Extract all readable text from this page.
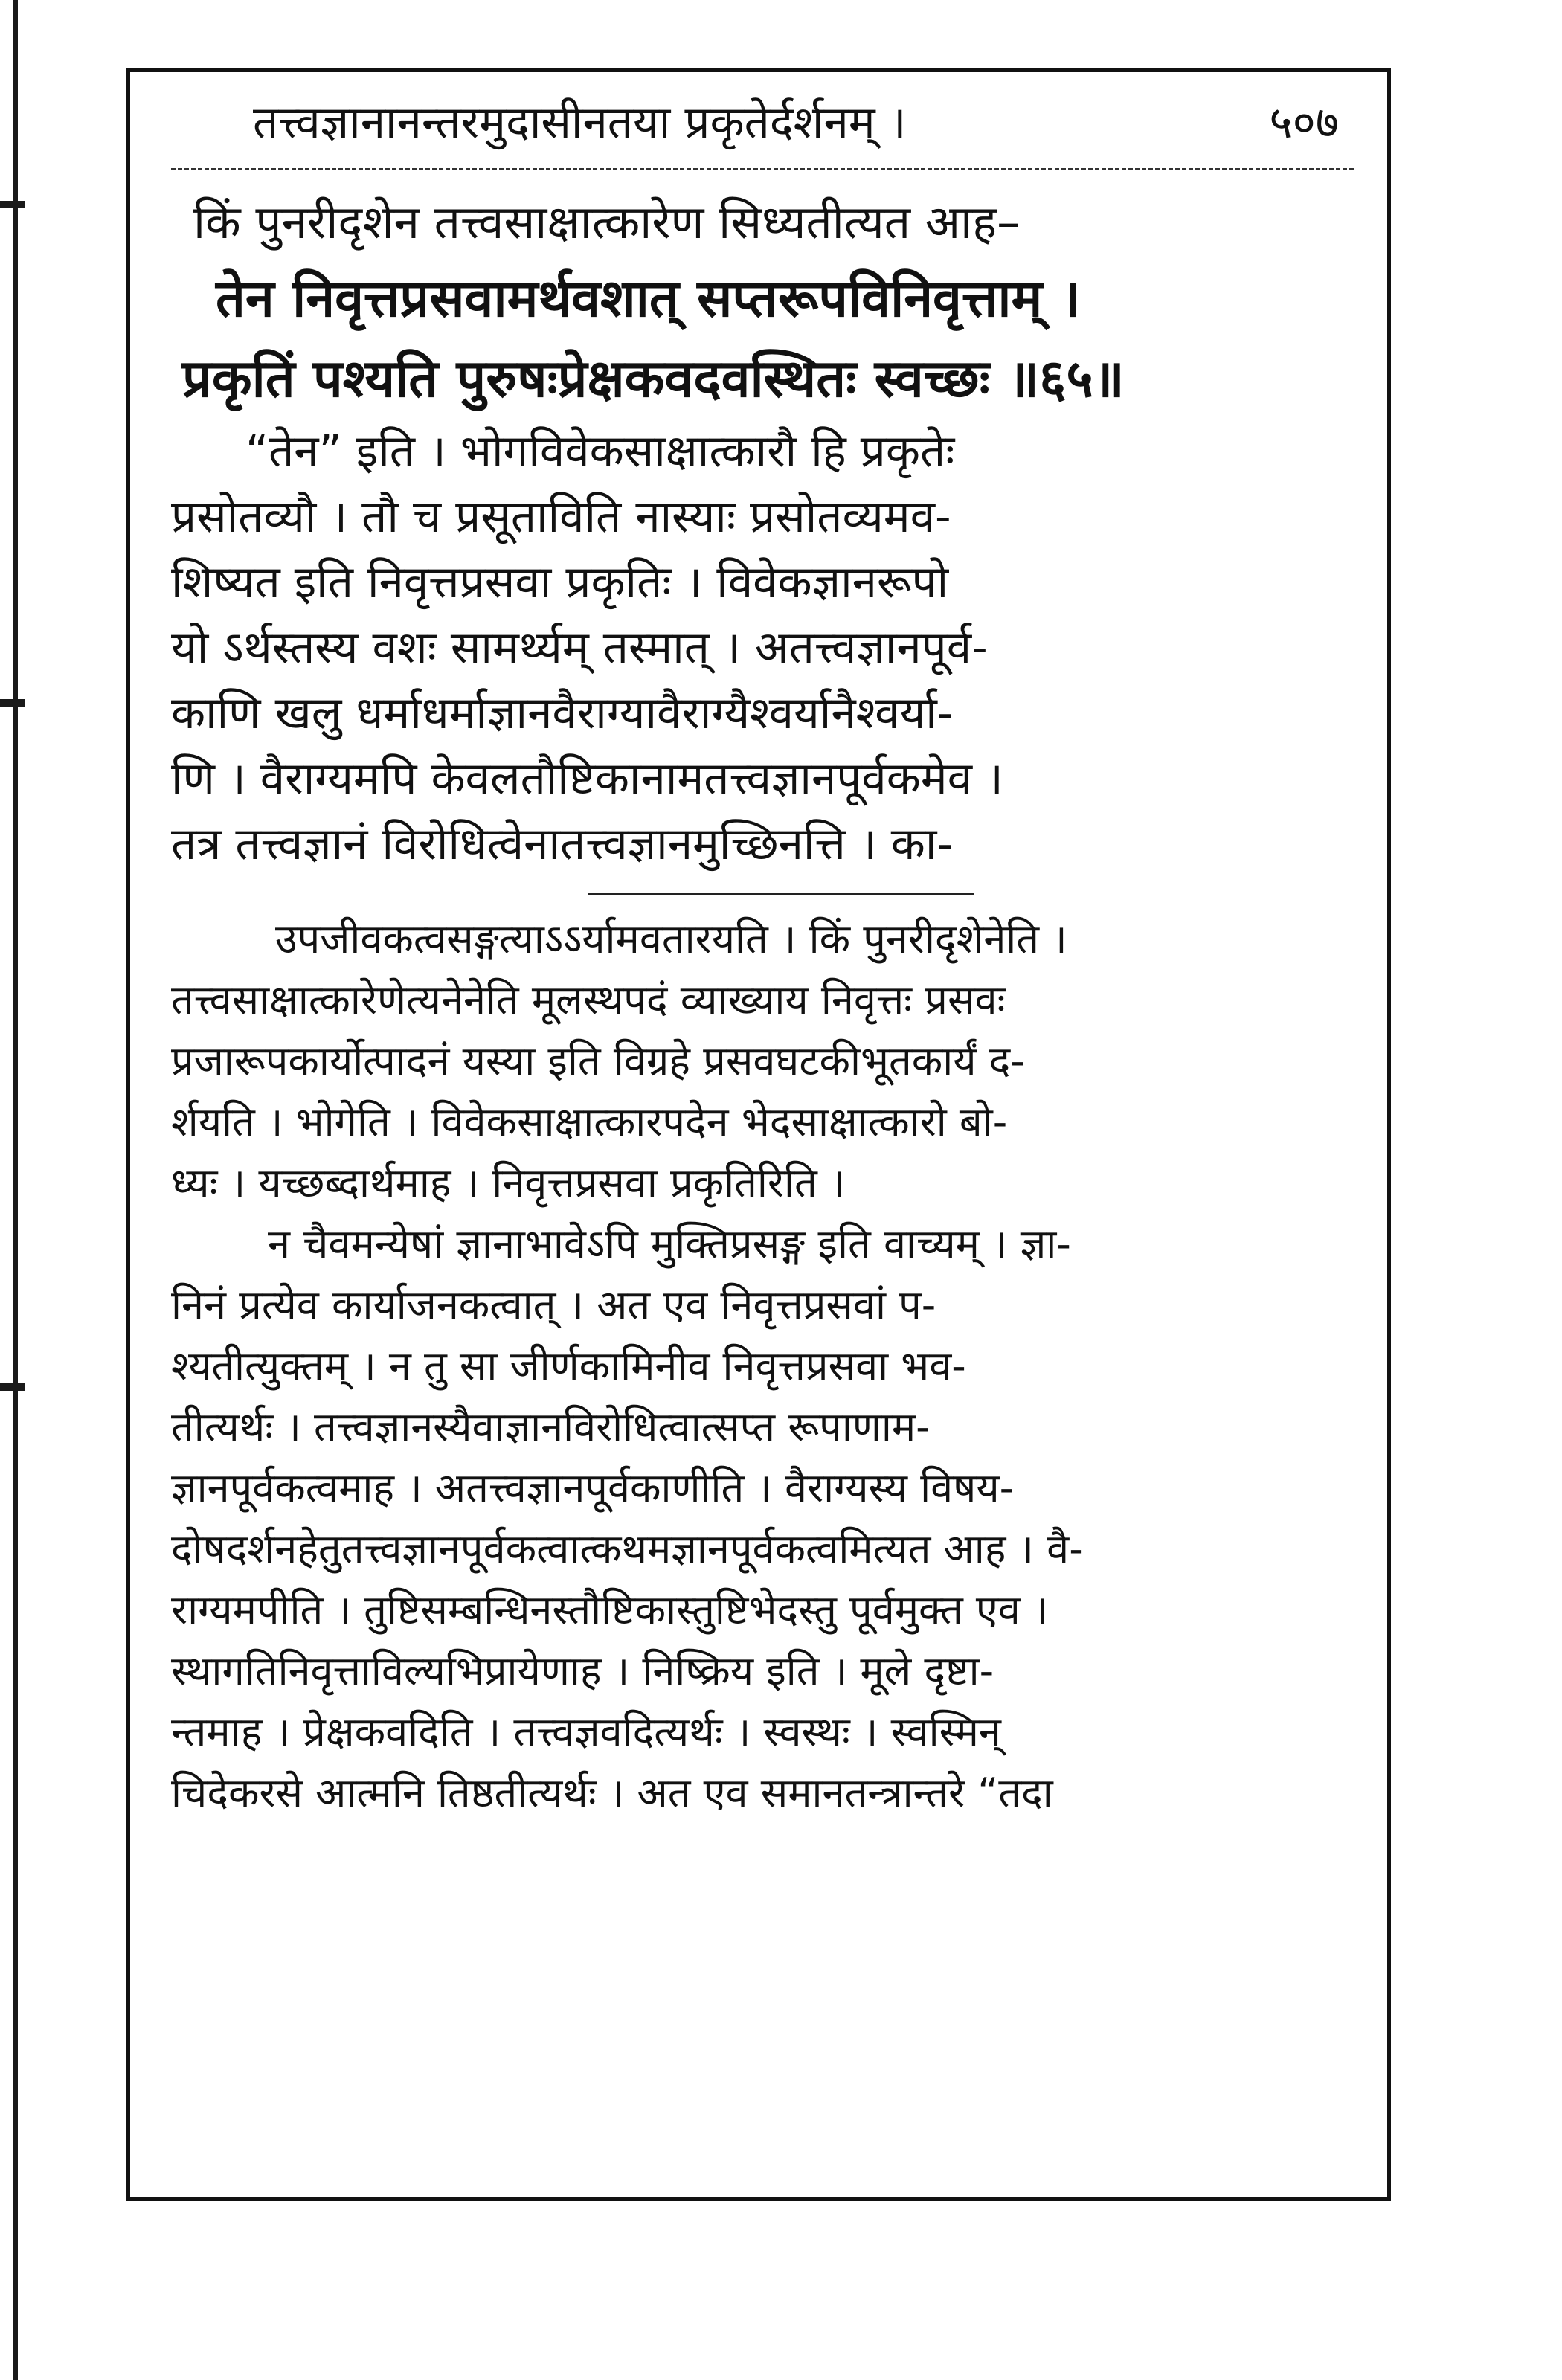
तत्त्वज्ञानानन्तरमुदासीनतया प्रकृतेर्दर्शनम् ।	५०७
किं पुनरीदृशेन तत्त्वसाक्षात्कारेण सिध्यतीत्यत आह–
तेन निवृत्तप्रसवामर्थवशात् सप्तरूपविनिवृत्ताम् ।
प्रकृतिं पश्यति पुरुषःप्रेक्षकवदवस्थितः स्वच्छः ॥६५॥
“तेन” इति । भोगविवेकसाक्षात्कारौ हि प्रकृतेः
प्रसोतव्यौ । तौ च प्रसूताविति नास्याः प्रसोतव्यमव-
शिष्यत इति निवृत्तप्रसवा प्रकृतिः । विवेकज्ञानरूपो
यो ऽर्थस्तस्य वशः सामर्थ्यम् तस्मात् । अतत्त्वज्ञानपूर्व-
काणि खलु धर्माधर्माज्ञानवैराग्यावैराग्यैश्वर्यानैश्वर्या-
णि । वैराग्यमपि केवलतौष्टिकानामतत्त्वज्ञानपूर्वकमेव ।
तत्र तत्त्वज्ञानं विरोधित्वेनातत्त्वज्ञानमुच्छिनत्ति । का-
उपजीवकत्वसङ्गत्याऽऽर्यामवतारयति । किं पुनरीदृशेनेति ।
तत्त्वसाक्षात्कारेणेत्यनेनेति मूलस्थपदं व्याख्याय निवृत्तः प्रसवः
प्रजारूपकार्योत्पादनं यस्या इति विग्रहे प्रसवघटकीभूतकार्यं द-
र्शयति । भोगेति । विवेकसाक्षात्कारपदेन भेदसाक्षात्कारो बो-
ध्यः । यच्छब्दार्थमाह । निवृत्तप्रसवा प्रकृतिरिति ।
न चैवमन्येषां ज्ञानाभावेऽपि मुक्तिप्रसङ्ग इति वाच्यम् । ज्ञा-
निनं प्रत्येव कार्याजनकत्वात् । अत एव निवृत्तप्रसवां प-
श्यतीत्युक्तम् । न तु सा जीर्णकामिनीव निवृत्तप्रसवा भव-
तीत्यर्थः । तत्त्वज्ञानस्यैवाज्ञानविरोधित्वात्सप्त रूपाणाम-
ज्ञानपूर्वकत्वमाह । अतत्त्वज्ञानपूर्वकाणीति । वैराग्यस्य विषय-
दोषदर्शनहेतुतत्त्वज्ञानपूर्वकत्वात्कथमज्ञानपूर्वकत्वमित्यत आह । वै-
राग्यमपीति । तुष्टिसम्बन्धिनस्तौष्टिकास्तुष्टिभेदस्तु पूर्वमुक्त एव ।
स्थागतिनिवृत्ताविल्यभिप्रायेणाह । निष्क्रिय इति । मूले दृष्टा-
न्तमाह । प्रेक्षकवदिति । तत्त्वज्ञवदित्यर्थः । स्वस्थः । स्वस्मिन्
चिदेकरसे आत्मनि तिष्ठतीत्यर्थः । अत एव समानतन्त्रान्तरे “तदा
